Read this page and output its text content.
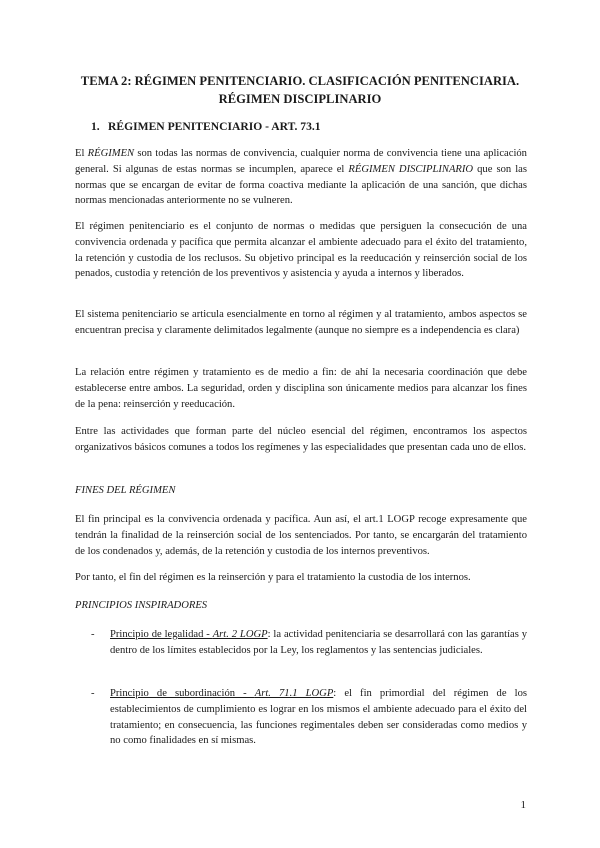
TEMA 2: RÉGIMEN PENITENCIARIO. CLASIFICACIÓN PENITENCIARIA.
RÉGIMEN DISCIPLINARIO
1. RÉGIMEN PENITENCIARIO - ART. 73.1

El RÉGIMEN son todas las normas de convivencia, cualquier norma de convivencia tiene una aplicación general. Si algunas de estas normas se incumplen, aparece el RÉGIMEN DISCIPLINARIO que son las normas que se encargan de evitar de forma coactiva mediante la aplicación de una sanción, que dichas normas mencionadas anteriormente no se vulneren.

El régimen penitenciario es el conjunto de normas o medidas que persiguen la consecución de una convivencia ordenada y pacífica que permita alcanzar el ambiente adecuado para el éxito del tratamiento, la retención y custodia de los reclusos. Su objetivo principal es la reeducación y reinserción social de los penados, custodia y retención de los preventivos y asistencia y ayuda a internos y liberados.

El sistema penitenciario se articula esencialmente en torno al régimen y al tratamiento, ambos aspectos se encuentran precisa y claramente delimitados legalmente (aunque no siempre es a independencia es clara)

La relación entre régimen y tratamiento es de medio a fin: de ahí la necesaria coordinación que debe establecerse entre ambos. La seguridad, orden y disciplina son únicamente medios para alcanzar los fines de la pena: reinserción y reeducación.

Entre las actividades que forman parte del núcleo esencial del régimen, encontramos los aspectos organizativos básicos comunes a todos los regímenes y las especialidades que presentan cada uno de ellos.

FINES DEL RÉGIMEN

El fin principal es la convivencia ordenada y pacífica. Aun así, el art.1 LOGP recoge expresamente que tendrán la finalidad de la reinserción social de los sentenciados. Por tanto, se encargarán del tratamiento de los condenados y, además, de la retención y custodia de los internos preventivos.

Por tanto, el fin del régimen es la reinserción y para el tratamiento la custodia de los internos.

PRINCIPIOS INSPIRADORES

- Principio de legalidad - Art. 2 LOGP: la actividad penitenciaria se desarrollará con las garantías y dentro de los límites establecidos por la Ley, los reglamentos y las sentencias judiciales.
- Principio de subordinación - Art. 71.1 LOGP: el fin primordial del régimen de los establecimientos de cumplimiento es lograr en los mismos el ambiente adecuado para el éxito del tratamiento; en consecuencia, las funciones regimentales deben ser consideradas como medios y no como finalidades en sí mismas.
1
